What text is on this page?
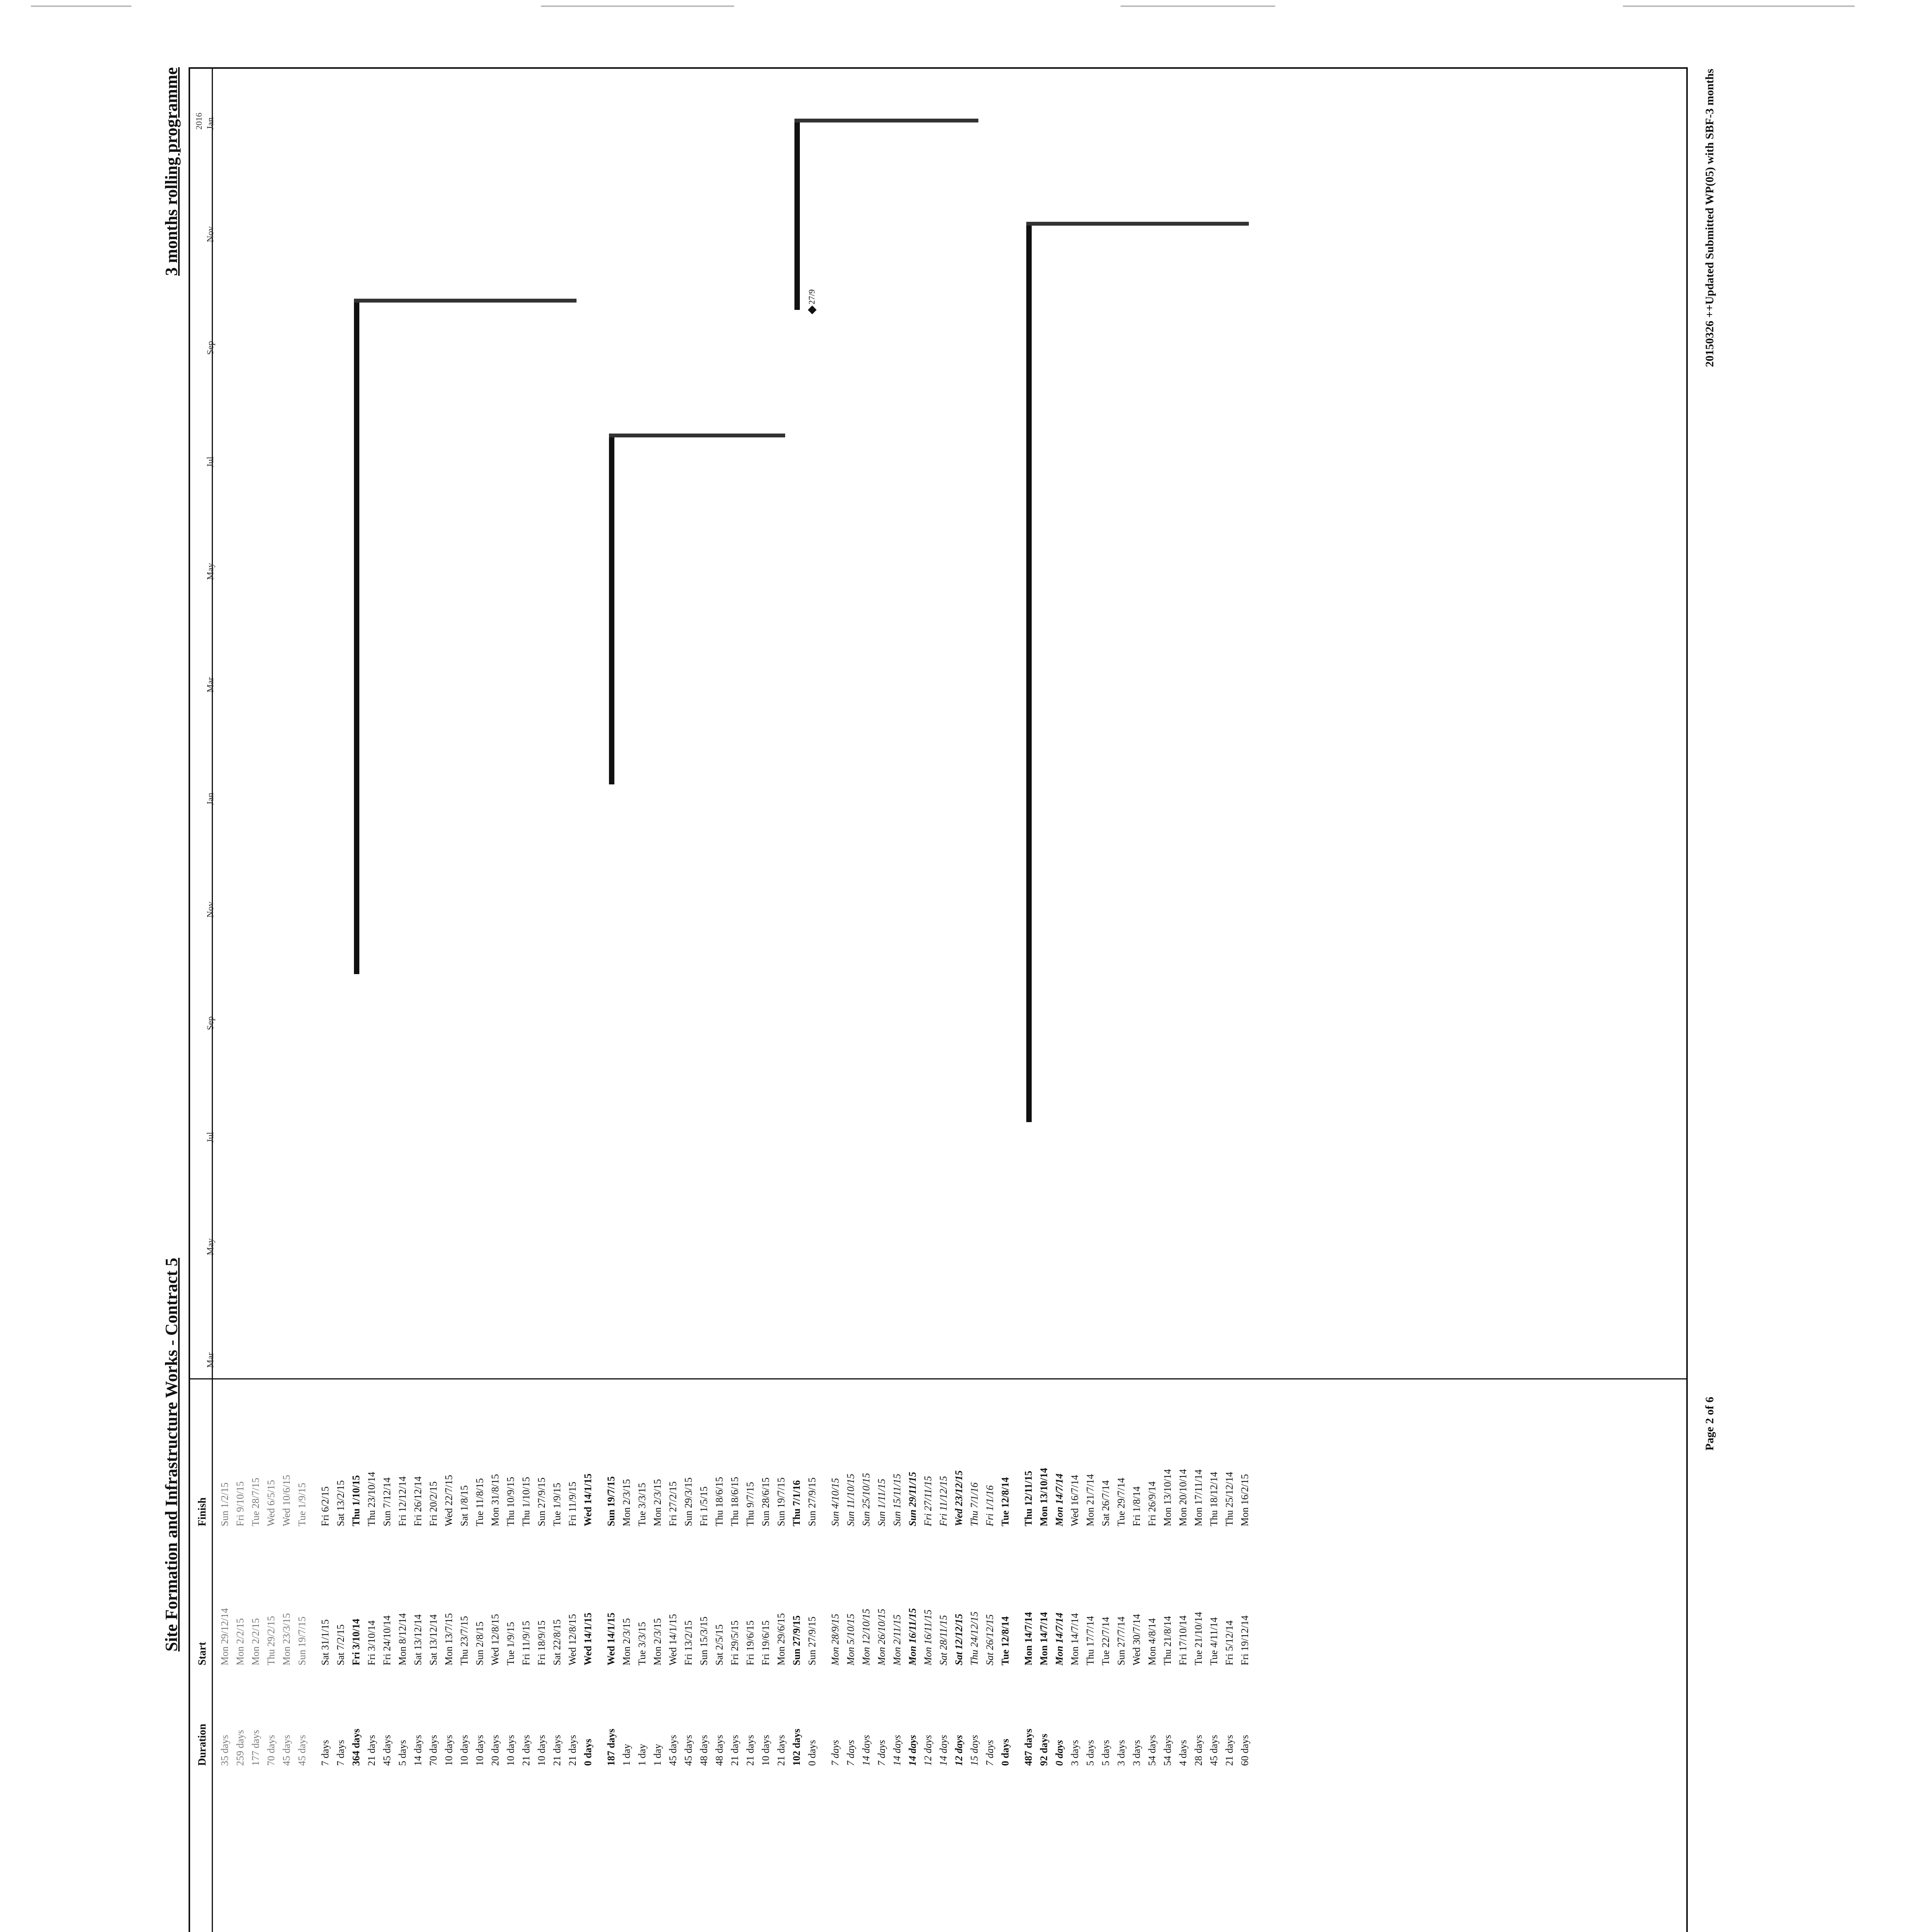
Site Formation and Infrastructure Works - Contract 5
3 months rolling programme
Duration
Start
Finish
Mar
May
Jul
Sep
Nov
Jan
Mar
May
Jul
Sep
Nov
Jan
2016
35 days
Mon 29/12/14
Sun 1/2/15
259 days
Mon 2/2/15
Fri 9/10/15
177 days
Mon 2/2/15
Tue 28/7/15
70 days
Thu 29/2/15
Wed 6/5/15
45 days
Mon 23/3/15
Wed 10/6/15
45 days
Sun 19/7/15
Tue 1/9/15
7 days
Sat 31/1/15
Fri 6/2/15
7 days
Sat 7/2/15
Sat 13/2/15
364 days
Fri 3/10/14
Thu 1/10/15
21 days
Fri 3/10/14
Thu 23/10/14
45 days
Fri 24/10/14
Sun 7/12/14
5 days
Mon 8/12/14
Fri 12/12/14
14 days
Sat 13/12/14
Fri 26/12/14
70 days
Sat 13/12/14
Fri 20/2/15
10 days
Mon 13/7/15
Wed 22/7/15
10 days
Thu 23/7/15
Sat 1/8/15
10 days
Sun 2/8/15
Tue 11/8/15
20 days
Wed 12/8/15
Mon 31/8/15
10 days
Tue 1/9/15
Thu 10/9/15
21 days
Fri 11/9/15
Thu 1/10/15
10 days
Fri 18/9/15
Sun 27/9/15
21 days
Sat 22/8/15
Tue 1/9/15
21 days
Wed 12/8/15
Fri 11/9/15
0 days
Wed 14/1/15
Wed 14/1/15
187 days
Wed 14/1/15
Sun 19/7/15
1 day
Mon 2/3/15
Mon 2/3/15
1 day
Tue 3/3/15
Tue 3/3/15
1 day
Mon 2/3/15
Mon 2/3/15
45 days
Wed 14/1/15
Fri 27/2/15
45 days
Fri 13/2/15
Sun 29/3/15
48 days
Sun 15/3/15
Fri 1/5/15
48 days
Sat 2/5/15
Thu 18/6/15
21 days
Fri 29/5/15
Thu 18/6/15
21 days
Fri 19/6/15
Thu 9/7/15
10 days
Fri 19/6/15
Sun 28/6/15
21 days
Mon 29/6/15
Sun 19/7/15
102 days
Sun 27/9/15
Thu 7/1/16
0 days
Sun 27/9/15
Sun 27/9/15
7 days
Mon 28/9/15
Sun 4/10/15
7 days
Mon 5/10/15
Sun 11/10/15
14 days
Mon 12/10/15
Sun 25/10/15
7 days
Mon 26/10/15
Sun 1/11/15
14 days
Mon 2/11/15
Sun 15/11/15
14 days
Mon 16/11/15
Sun 29/11/15
12 days
Mon 16/11/15
Fri 27/11/15
14 days
Sat 28/11/15
Fri 11/12/15
12 days
Sat 12/12/15
Wed 23/12/15
15 days
Thu 24/12/15
Thu 7/1/16
7 days
Sat 26/12/15
Fri 1/1/16
0 days
Tue 12/8/14
Tue 12/8/14
487 days
Mon 14/7/14
Thu 12/11/15
92 days
Mon 14/7/14
Mon 13/10/14
0 days
Mon 14/7/14
Mon 14/7/14
3 days
Mon 14/7/14
Wed 16/7/14
5 days
Thu 17/7/14
Mon 21/7/14
5 days
Tue 22/7/14
Sat 26/7/14
3 days
Sun 27/7/14
Tue 29/7/14
3 days
Wed 30/7/14
Fri 1/8/14
54 days
Mon 4/8/14
Fri 26/9/14
54 days
Thu 21/8/14
Mon 13/10/14
4 days
Fri 17/10/14
Mon 20/10/14
28 days
Tue 21/10/14
Mon 17/11/14
45 days
Tue 4/11/14
Thu 18/12/14
21 days
Fri 5/12/14
Thu 25/12/14
60 days
Fri 19/12/14
Mon 16/2/15
27/9
Page 2 of 6
20150326 ++Updated Submitted WP(05) with SBF-3 months
